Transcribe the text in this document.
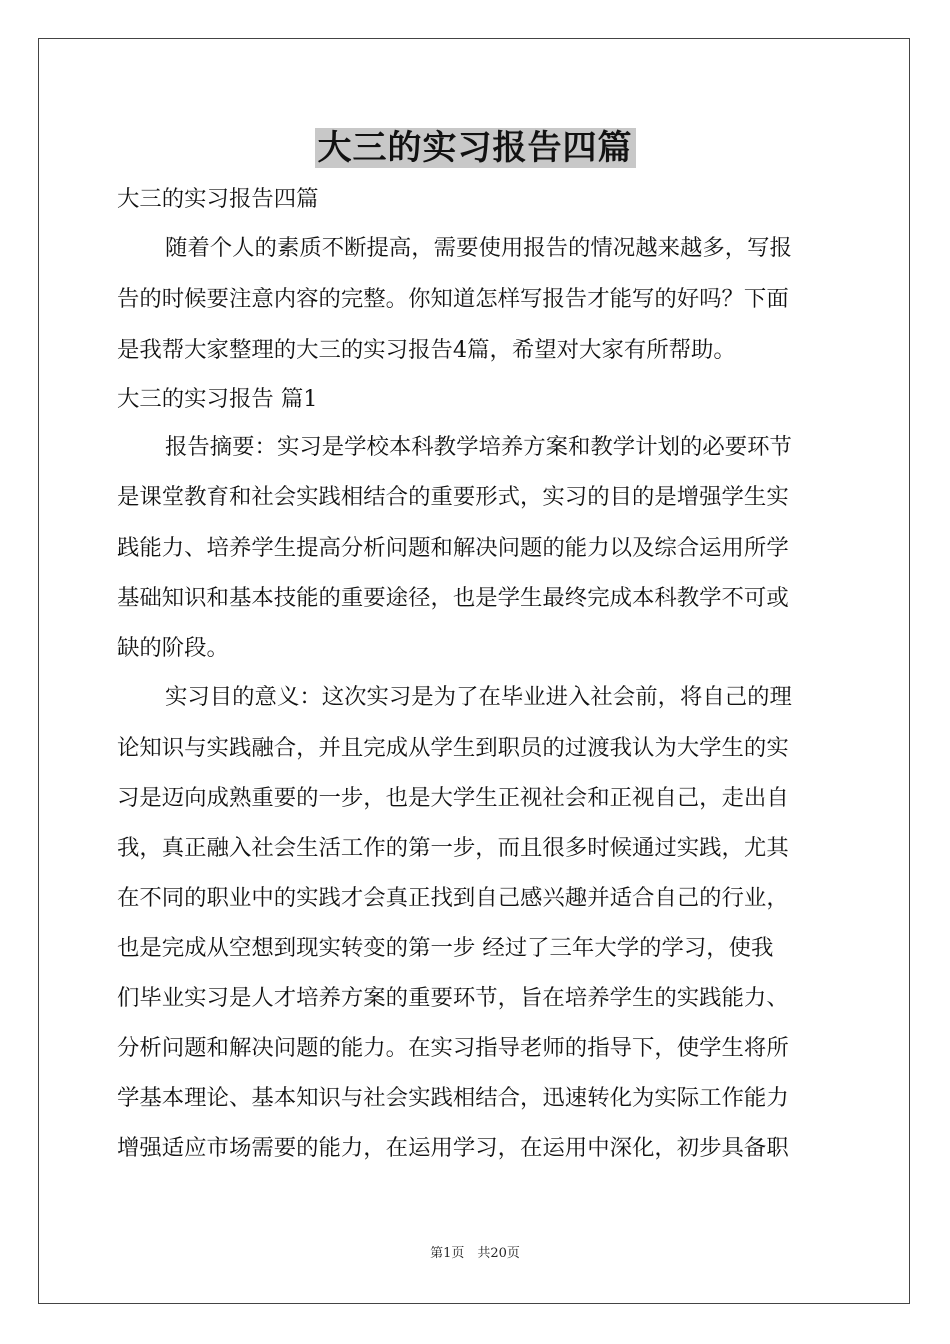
大三的实习报告四篇
大三的实习报告四篇
随着个人的素质不断提高，需要使用报告的情况越来越多，写报
告的时候要注意内容的完整。你知道怎样写报告才能写的好吗？下面
是我帮大家整理的大三的实习报告4篇，希望对大家有所帮助。
大三的实习报告 篇1
报告摘要：实习是学校本科教学培养方案和教学计划的必要环节
是课堂教育和社会实践相结合的重要形式，实习的目的是增强学生实
践能力、培养学生提高分析问题和解决问题的能力以及综合运用所学
基础知识和基本技能的重要途径，也是学生最终完成本科教学不可或
缺的阶段。
实习目的意义：这次实习是为了在毕业进入社会前，将自己的理
论知识与实践融合，并且完成从学生到职员的过渡我认为大学生的实
习是迈向成熟重要的一步，也是大学生正视社会和正视自己，走出自
我，真正融入社会生活工作的第一步，而且很多时候通过实践，尤其
在不同的职业中的实践才会真正找到自己感兴趣并适合自己的行业，
也是完成从空想到现实转变的第一步 经过了三年大学的学习，使我
们毕业实习是人才培养方案的重要环节，旨在培养学生的实践能力、
分析问题和解决问题的能力。在实习指导老师的指导下，使学生将所
学基本理论、基本知识与社会实践相结合，迅速转化为实际工作能力
增强适应市场需要的能力，在运用学习，在运用中深化，初步具备职
第1页　共20页
